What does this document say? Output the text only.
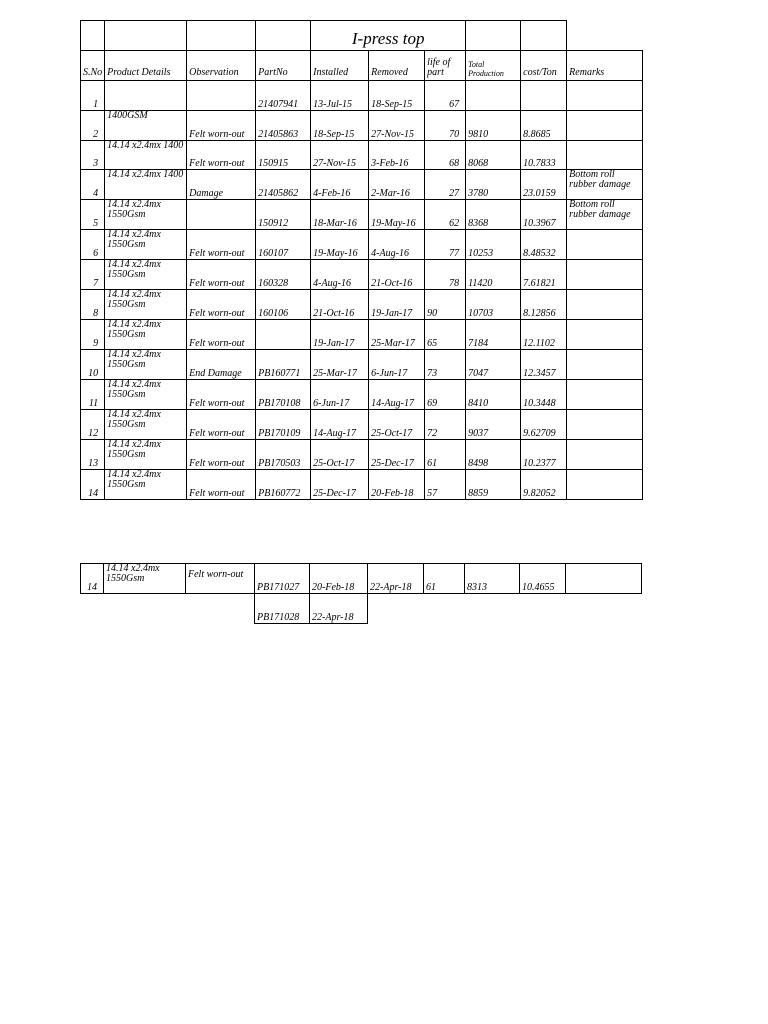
				I-press top					
S.No	Product Details	Observation	PartNo	Installed	Removed	life of part	Total Production	cost/Ton	Remarks
1			21407941	13-Jul-15	18-Sep-15	67			
2	1400GSM	Felt worn-out	21405863	18-Sep-15	27-Nov-15	70	9810	8.8685	
3	14.14 x2.4mx 1400	Felt worn-out	150915	27-Nov-15	3-Feb-16	68	8068	10.7833	
4	14.14 x2.4mx 1400	Damage	21405862	4-Feb-16	2-Mar-16	27	3780	23.0159	Bottom roll rubber damage
5	14.14 x2.4mx 1550Gsm		150912	18-Mar-16	19-May-16	62	8368	10.3967	Bottom roll rubber damage
6	14.14 x2.4mx 1550Gsm	Felt worn-out	160107	19-May-16	4-Aug-16	77	10253	8.48532	
7	14.14 x2.4mx 1550Gsm	Felt worn-out	160328	4-Aug-16	21-Oct-16	78	11420	7.61821	
8	14.14 x2.4mx 1550Gsm	Felt worn-out	160106	21-Oct-16	19-Jan-17	90	10703	8.12856	
9	14.14 x2.4mx 1550Gsm	Felt worn-out		19-Jan-17	25-Mar-17	65	7184	12.1102	
10	14.14 x2.4mx 1550Gsm	End Damage	PB160771	25-Mar-17	6-Jun-17	73	7047	12.3457	
11	14.14 x2.4mx 1550Gsm	Felt worn-out	PB170108	6-Jun-17	14-Aug-17	69	8410	10.3448	
12	14.14 x2.4mx 1550Gsm	Felt worn-out	PB170109	14-Aug-17	25-Oct-17	72	9037	9.62709	
13	14.14 x2.4mx 1550Gsm	Felt worn-out	PB170503	25-Oct-17	25-Dec-17	61	8498	10.2377	
14	14.14 x2.4mx 1550Gsm	Felt worn-out	PB160772	25-Dec-17	20-Feb-18	57	8859	9.82052	
14	14.14 x2.4mx 1550Gsm	Felt worn-out	PB171027	20-Feb-18	22-Apr-18	61	8313	10.4655	
			PB171028	22-Apr-18					
